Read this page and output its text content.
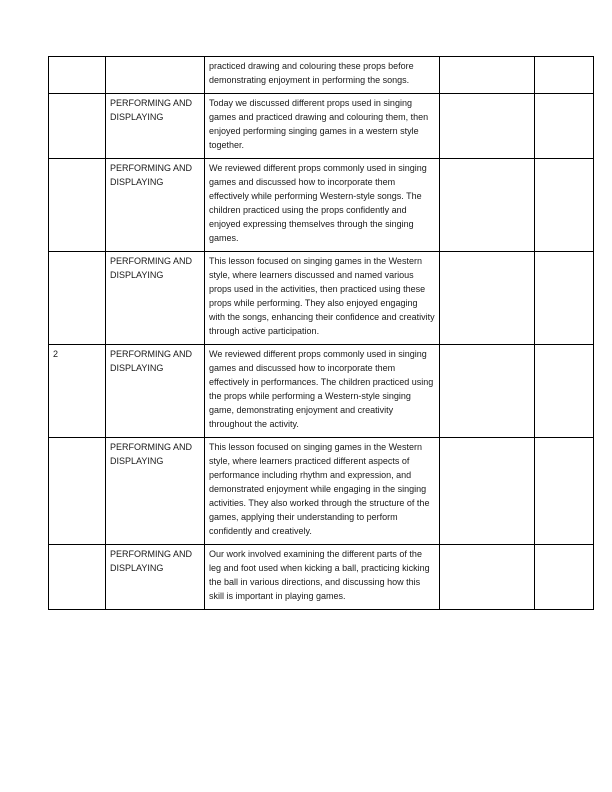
		practiced drawing and colouring these props before demonstrating enjoyment in performing the songs.		
	PERFORMING AND DISPLAYING	Today we discussed different props used in singing games and practiced drawing and colouring them, then enjoyed performing singing games in a western style together.		
	PERFORMING AND DISPLAYING	We reviewed different props commonly used in singing games and discussed how to incorporate them effectively while performing Western-style songs. The children practiced using the props confidently and enjoyed expressing themselves through the singing games.		
	PERFORMING AND DISPLAYING	This lesson focused on singing games in the Western style, where learners discussed and named various props used in the activities, then practiced using these props while performing. They also enjoyed engaging with the songs, enhancing their confidence and creativity through active participation.		
2	PERFORMING AND DISPLAYING	We reviewed different props commonly used in singing games and discussed how to incorporate them effectively in performances. The children practiced using the props while performing a Western-style singing game, demonstrating enjoyment and creativity throughout the activity.		
	PERFORMING AND DISPLAYING	This lesson focused on singing games in the Western style, where learners practiced different aspects of performance including rhythm and expression, and demonstrated enjoyment while engaging in the singing activities. They also worked through the structure of the games, applying their understanding to perform confidently and creatively.		
	PERFORMING AND DISPLAYING	Our work involved examining the different parts of the leg and foot used when kicking a ball, practicing kicking the ball in various directions, and discussing how this skill is important in playing games.		
